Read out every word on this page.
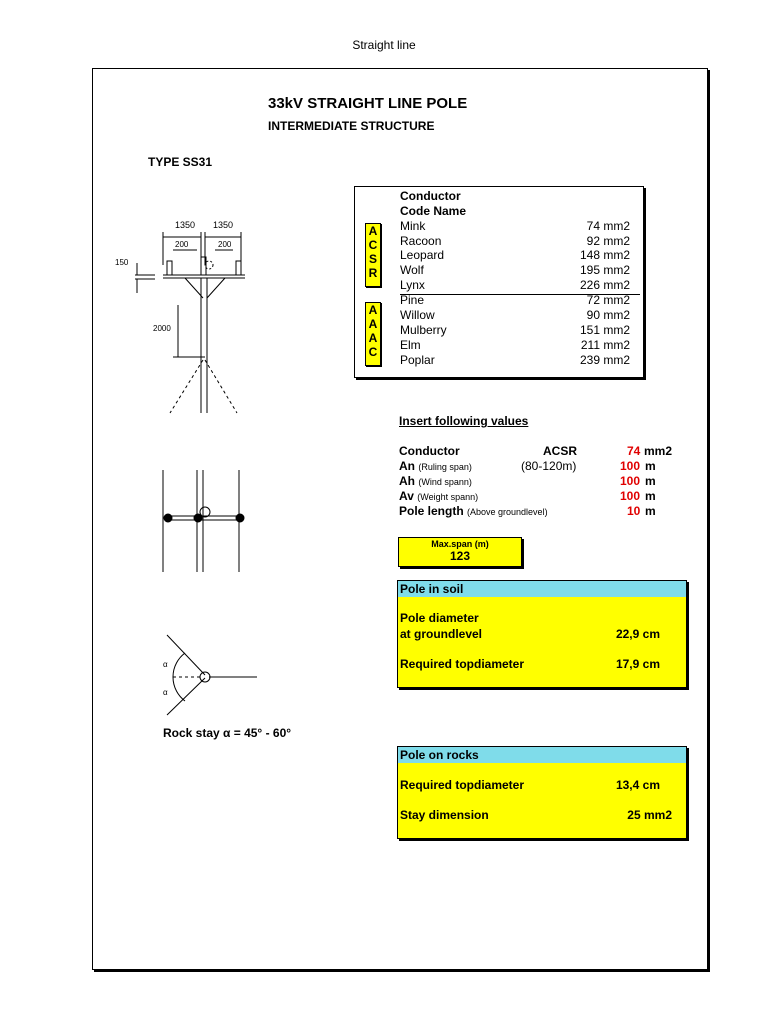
Straight line
33kV STRAIGHT LINE POLE
INTERMEDIATE STRUCTURE
TYPE SS31
1350 1350
200	200
150
2000
α
α
Conductor
Code Name
A
C
S
R
Mink	74 mm2
Racoon	92 mm2
Leopard	148 mm2
Wolf	195 mm2
Lynx	226 mm2
A
A
A
C
Pine	72 mm2
Willow	90 mm2
Mulberry	151 mm2
Elm	211 mm2
Poplar	239 mm2
Insert following values
Conductor	ACSR	74 mm2
An (Ruling span)	(80-120m)	100 m
Ah (Wind spann)	100 m
Av (Weight spann)	100 m
Pole length (Above groundlevel)	10 m
Max.span (m)
123
Pole in soil
Pole diameter
at groundlevel	22,9 cm
Required topdiameter	17,9 cm
Rock stay α = 45° - 60°
Pole on rocks
Required topdiameter	13,4 cm
Stay dimension	25 mm2
